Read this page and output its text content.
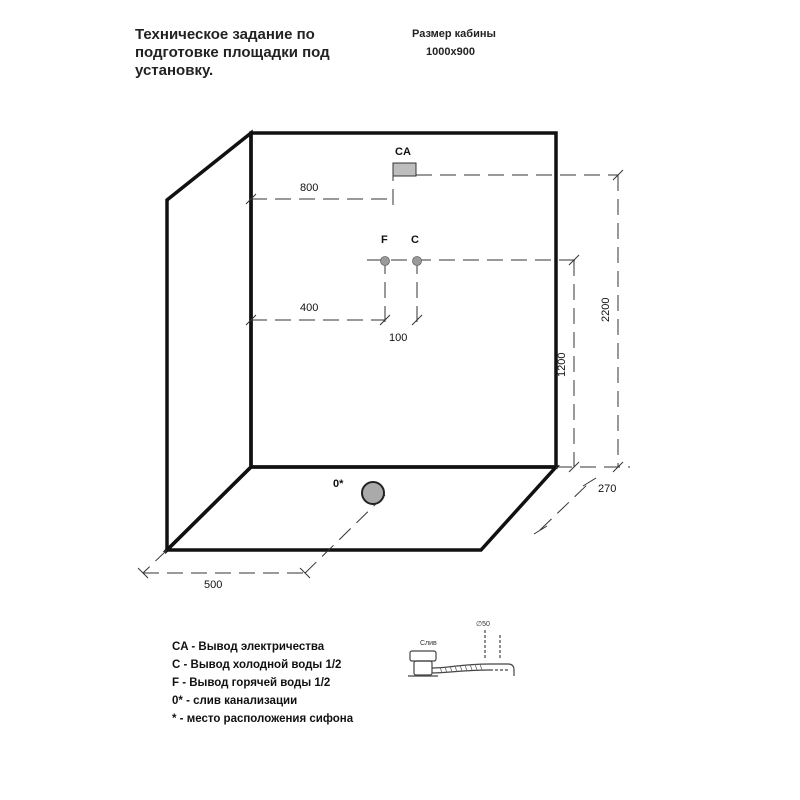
Техническое задание по
подготовке площадки под
установку.
Размер кабины
1000x900
CA
F C
0*
800
400
100
2200
1200
270
500
Слив
∅50
CA - Вывод электричества
C - Вывод холодной воды 1/2
F - Вывод горячей воды 1/2
0* - слив канализации
* - место расположения сифона
